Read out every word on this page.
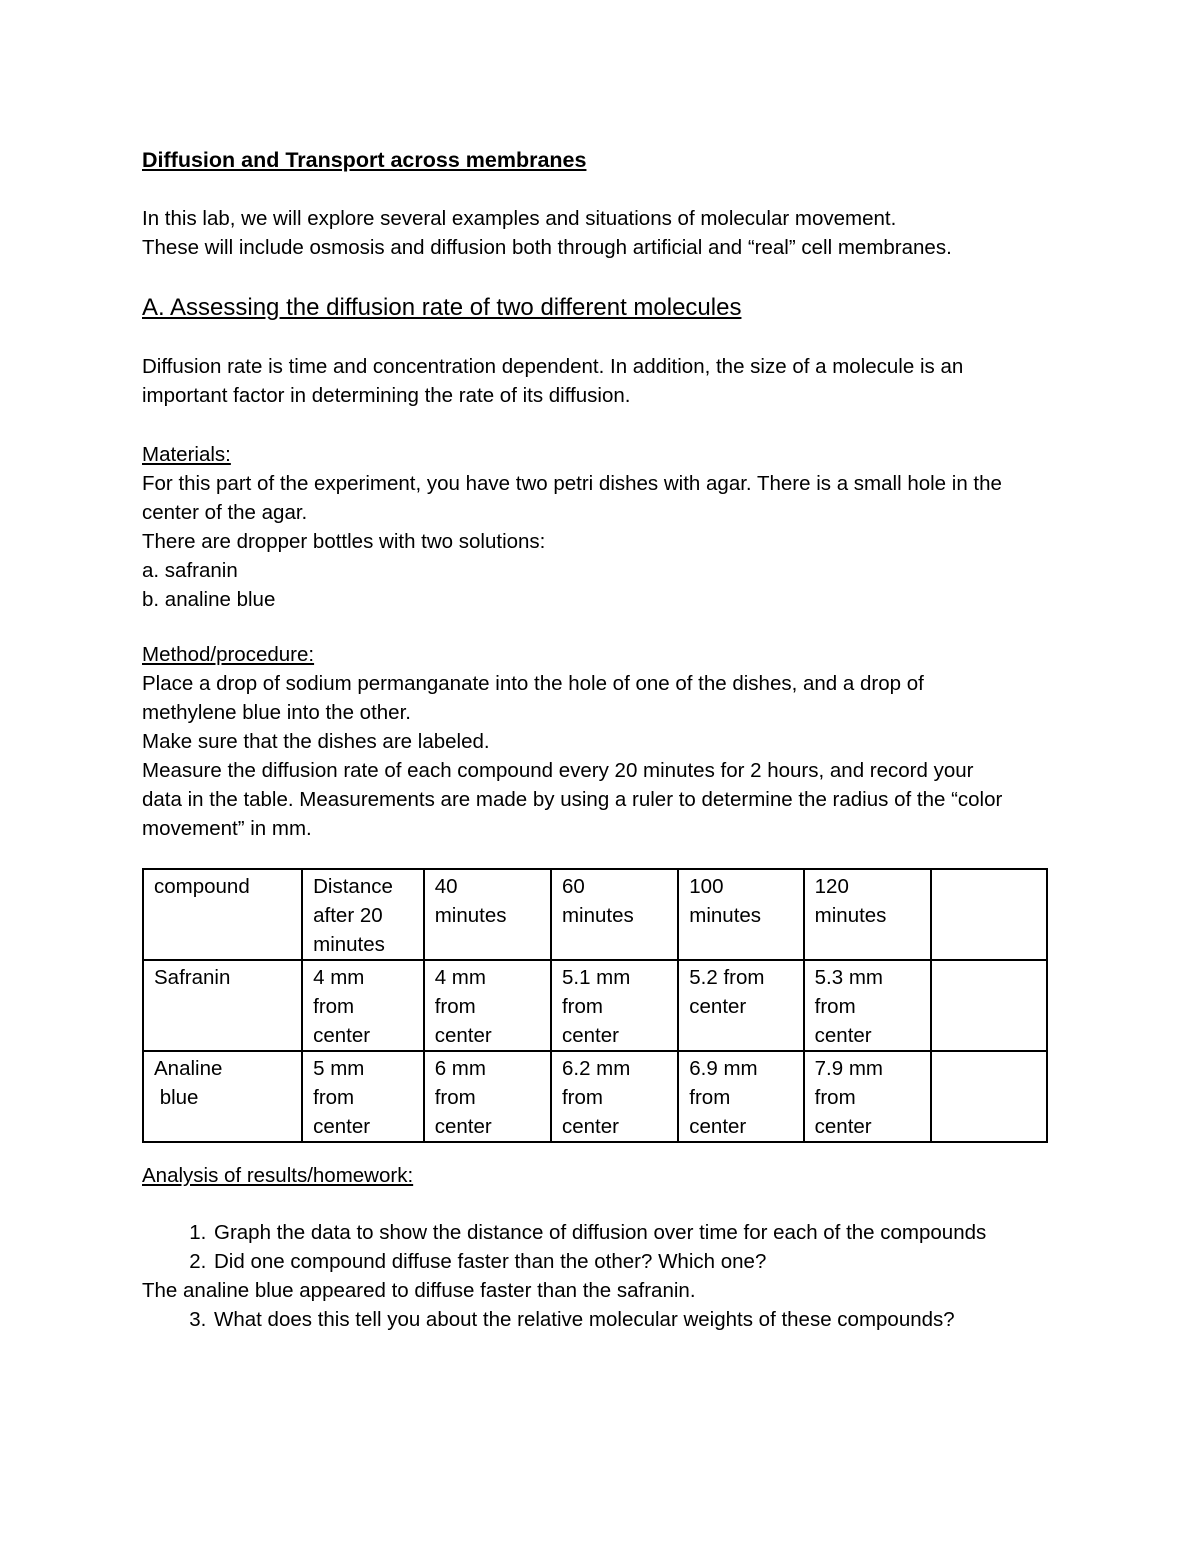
Diffusion and Transport across membranes
In this lab, we will explore several examples and situations of molecular movement.
These will include osmosis and diffusion both through artificial and “real” cell membranes.
A. Assessing the diffusion rate of two different molecules
Diffusion rate is time and concentration dependent. In addition, the size of a molecule is an
important factor in determining the rate of its diffusion.
Materials:
For this part of the experiment, you have two petri dishes with agar. There is a small hole in the
center of the agar.
There are dropper bottles with two solutions:
a. safranin
b. analine blue
Method/procedure:
Place a drop of sodium permanganate into the hole of one of the dishes, and a drop of
methylene blue into the other.
Make sure that the dishes are labeled.
Measure the diffusion rate of each compound every 20 minutes for 2 hours, and record your
data in the table. Measurements are made by using a ruler to determine the radius of the “color
movement” in mm.
compound	Distance
after 20
minutes	40
minutes	60
minutes	100
minutes	120
minutes	

Safranin	4 mm
from
center	4 mm
from
center	5.1 mm
from
center	5.2 from
center	5.3 mm
from
center	

Analine
blue	5 mm
from
center	6 mm
from
center	6.2 mm
from
center	6.9 mm
from
center	7.9 mm
from
center	

Analysis of results/homework:
1. Graph the data to show the distance of diffusion over time for each of the compounds
2. Did one compound diffuse faster than the other? Which one?
The analine blue appeared to diffuse faster than the safranin.
3. What does this tell you about the relative molecular weights of these compounds?
